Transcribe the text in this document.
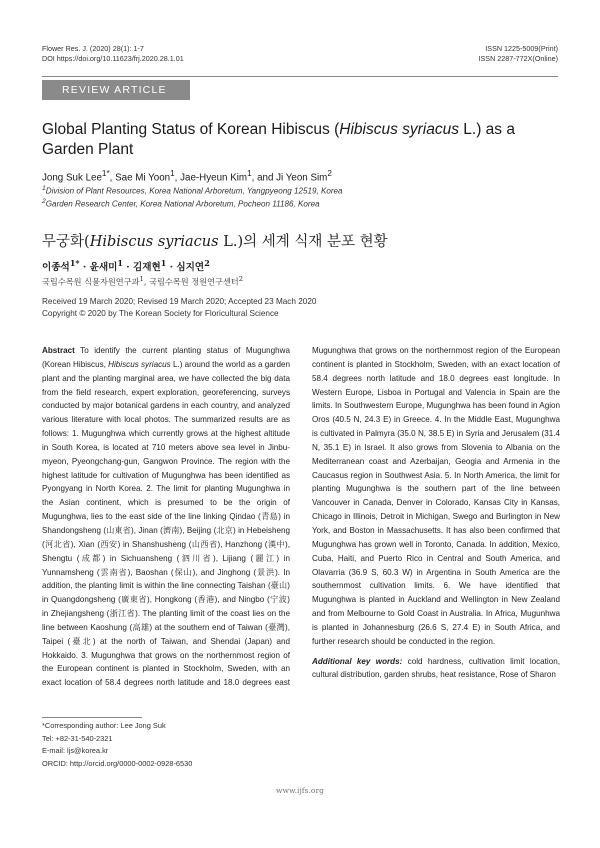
Flower Res. J. (2020) 28(1): 1-7
DOI https://doi.org/10.11623/frj.2020.28.1.01
ISSN 1225-5009(Print)
ISSN 2287-772X(Online)
REVIEW ARTICLE
Global Planting Status of Korean Hibiscus (Hibiscus syriacus L.) as a Garden Plant
Jong Suk Lee$^{1*}$, Sae Mi Yoon$^1$, Jae-Hyeun Kim$^1$, and Ji Yeon Sim$^2$
$^1$Division of Plant Resources, Korea National Arboretum, Yangpyeong 12519, Korea
$^2$Garden Research Center, Korea National Arboretum, Pocheon 11186, Korea
무궁화(Hibiscus syriacus L.)의 세계 식재 분포 현황
이종석$^{1*}$ · 윤새미$^1$ · 김재현$^1$ · 심지연$^2$
국립수목원 식물자원연구과$^1$, 국립수목원 정원연구센터$^2$
Received 19 March 2020; Revised 19 March 2020; Accepted 23 Mach 2020
Copyright © 2020 by The Korean Society for Floricultural Science

Abstract To identify the current planting status of Mugunghwa (Korean Hibiscus, Hibiscus syriacus L.) around the world as a garden plant and the planting marginal area, we have collected the big data from the field research, expert exploration, georeferencing, surveys conducted by major botanical gardens in each country, and analyzed various literature with local photos. The summarized results are as follows: 1. Mugunghwa which currently grows at the highest altitude in South Korea, is located at 710 meters above sea level in Jinbu-myeon, Pyeongchang-gun, Gangwon Province. The region with the highest latitude for cultivation of Mugunghwa has been identified as Pyongyang in North Korea. 2. The limit for planting Mugunghwa in the Asian continent, which is presumed to be the origin of Mugunghwa, lies to the east side of the line linking Qindao (青島) in Shandongsheng (山東省), Jinan (濟南), Beijing (北京) in Hebeisheng (河北省), Xian (西安) in Shanshusheng (山西省), Hanzhong (漢中), Shengtu (成都) in Sichuansheng (泗川省), Lijiang (麗江) in Yunnamsheng (雲南省), Baoshan (保山), and Jinghong (景洪). In addition, the planting limit is within the line connecting Taishan (臺山) in Quangdongsheng (廣東省), Hongkong (香港), and Ningbo (宁波) in Zhejiangsheng (浙江省). The planting limit of the coast lies on the line between Kaoshung (高雄) at the southern end of Taiwan (臺灣), Taipei (臺北) at the north of Taiwan, and Shendai (Japan) and Hokkaido. 3. Mugunghwa that grows on the northernmost region of the European continent is planted in Stockholm, Sweden, with an exact location of 58.4 degrees north latitude and 18.0 degrees east

Mugunghwa that grows on the northernmost region of the European continent is planted in Stockholm, Sweden, with an exact location of 58.4 degrees north latitude and 18.0 degrees east longitude. In Western Europe, Lisboa in Portugal and Valencia in Spain are the limits. In Southwestern Europe, Mugunghwa has been found in Agion Oros (40.5 N, 24.3 E) in Greece. 4. In the Middle East, Mugunghwa is cultivated in Palmyra (35.0 N, 38.5 E) in Syria and Jerusalem (31.4 N, 35.1 E) in Israel. It also grows from Slovenia to Albania on the Mediterranean coast and Azerbaijan, Geogia and Armenia in the Caucasus region in Southwest Asia. 5. In North America, the limit for planting Mugunghwa is the southern part of the line between Vancouver in Canada, Denver in Colorado, Kansas City in Kansas, Chicago in Illinois, Detroit in Michigan, Swego and Burlington in New York, and Boston in Massachusetts. It has also been confirmed that Mugunghwa has grown well in Toronto, Canada. In addition, Mexico, Cuba, Haiti, and Puerto Rico in Central and South America, and Olavarria (36.9 S, 60.3 W) in Argentina in South America are the southernmost cultivation limits. 6. We have identified that Mugunghwa is planted in Auckland and Wellington in New Zealand and from Melbourne to Gold Coast in Australia. In Africa, Mugunhwa is planted in Johannesburg (26.6 S, 27.4 E) in South Africa, and further research should be conducted in the region.

Additional key words: cold hardness, cultivation limit location, cultural distribution, garden shrubs, heat resistance, Rose of Sharon

*Corresponding author: Lee Jong Suk
Tel: +82-31-540-2321
E-mail: ljs@korea.kr
ORCID: http://orcid.org/0000-0002-0928-6530
www.ijfs.org
